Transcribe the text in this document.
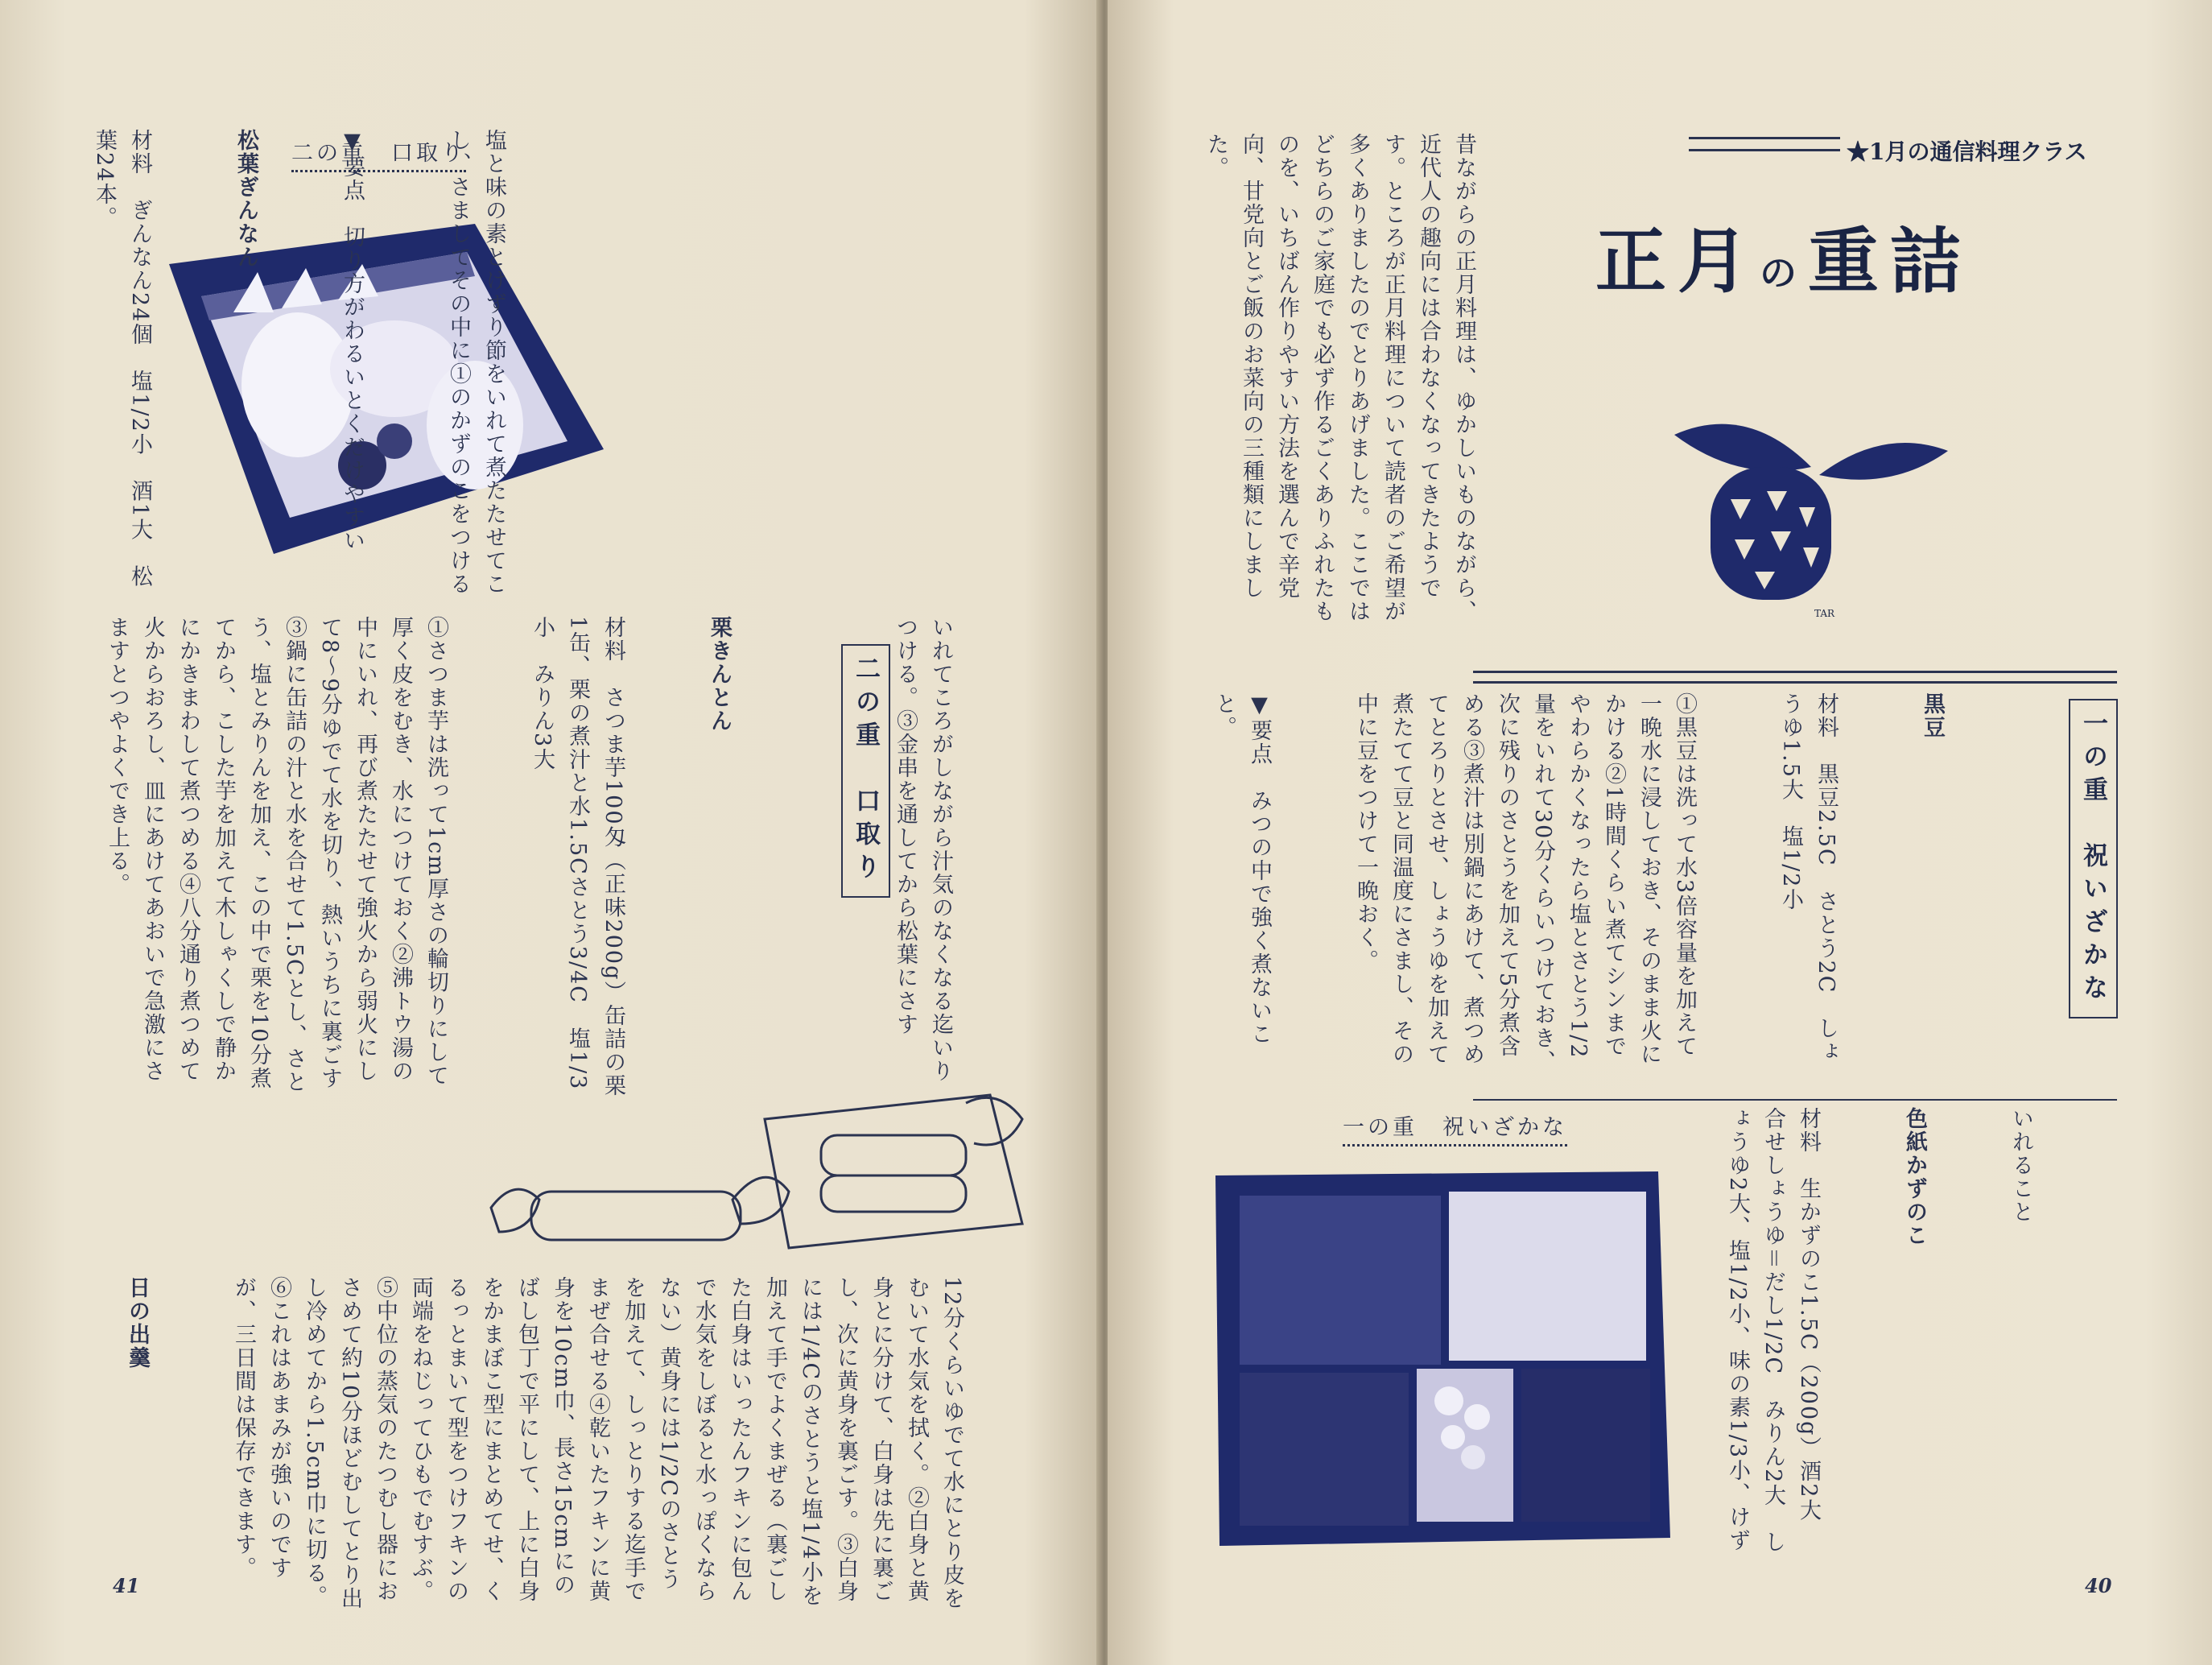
二の重　口取り

塩と味の素とけずり節をいれて煮たたせてこし、さましてその中に①のかずのこをつける

▼要点　切り方がわるいとくだけやすい

松葉ぎんなん

材料　ぎんなん24個　塩1/2小　酒1大　松葉24本。

いれてころがしながら汁気のなくなる迄いりつける。③金串を通してから松葉にさす

二の重　口取り

栗きんとん

材料　さつま芋100匁（正味200g）缶詰の栗1缶、栗の煮汁と水1.5Cさとう3/4C　塩1/3小　みりん3大

①さつま芋は洗って1cm厚さの輪切りにして厚く皮をむき、水につけておく②沸トウ湯の中にいれ、再び煮たたせて強火から弱火にして8〜9分ゆでて水を切り、熱いうちに裏ごす③鍋に缶詰の汁と水を合せて1.5Cとし、さとう、塩とみりんを加え、この中で栗を10分煮てから、こした芋を加えて木しゃくしで静かにかきまわして煮つめる④八分通り煮つめて火からおろし、皿にあけてあおいで急激にさますとつやよくでき上る。

12分くらいゆでて水にとり皮をむいて水気を拭く。②白身と黄身とに分けて、白身は先に裏ごし、次に黄身を裏ごす。③白身には1/4Cのさとうと塩1/4小を加えて手でよくまぜる（裏ごした白身はいったんフキンに包んで水気をしぼると水っぽくならない）黄身には1/2Cのさとうを加えて、しっとりする迄手でまぜ合せる④乾いたフキンに黄身を10cm巾、長さ15cmにのばし包丁で平にして、上に白身をかまぼこ型にまとめてせ、くるっとまいて型をつけフキンの両端をねじってひもでむすぶ。⑤中位の蒸気のたつむし器におさめて約10分ほどむしてとり出し冷めてから1.5cm巾に切る。⑥これはあまみが強いのですが、三日間は保存できます。

日の出羹

41
★1月の通信料理クラス
正月の重詰
昔ながらの正月料理は、ゆかしいものながら、近代人の趣向には合わなくなってきたようです。ところが正月料理について読者のご希望が多くありましたのでとりあげました。ここではどちらのご家庭でも必ず作るごくありふれたものを、いちばん作りやすい方法を選んで辛党向、甘党向とご飯のお菜向の三種類にしました。
TAR
一の重　祝いざかな

黒豆

材料　黒豆2.5C　さとう2C　しょうゆ1.5大　塩1/2小

①黒豆は洗って水3倍容量を加えて一晩水に浸しておき、そのまま火にかける②1時間くらい煮てシンまでやわらかくなったら塩とさとう1/2量をいれて30分くらいつけておき、次に残りのさとうを加えて5分煮含める③煮汁は別鍋にあけて、煮つめてとろりとさせ、しょうゆを加えて煮たてて豆と同温度にさまし、その中に豆をつけて一晩おく。

▼要点　みつの中で強く煮ないこと。

一の重　祝いざかな

	いれること

色紙かずのこ

材料　生かずのこ1.5C（200g）酒2大　合せしょうゆ＝だし1/2C　みりん2大　しょうゆ2大、塩1/2小、味の素1/3小、けず

40
